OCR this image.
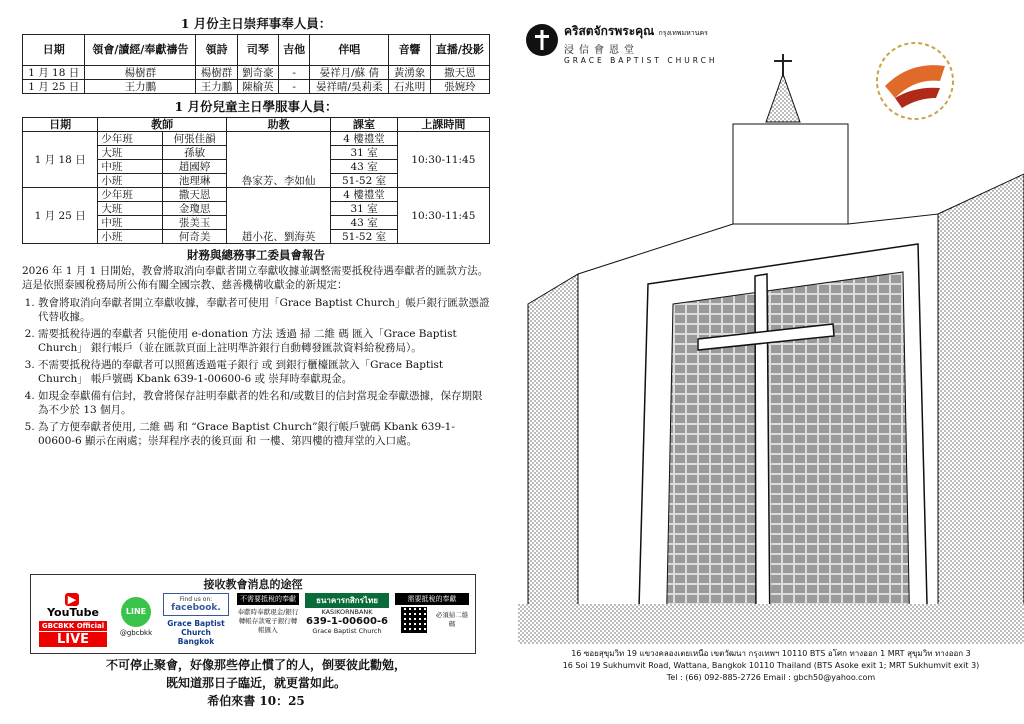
1 月份主日崇拜事奉人員：
日期	領會/讀經/奉獻禱告	領詩	司琴	吉他	伴唱	音響	直播/投影
1 月 18 日	楊樹群	楊樹群	劉奇豪	-	晏祥月/蘇 倩	黃湧象	撒天恩
1 月 25 日	王力鵬	王力鵬	陳榆英	-	晏祥晴/吳莉柔	石兆明	張婉玲
1 月份兒童主日學服事人員：
日期	教師		助教	課室	上課時間
1 月 18 日	少年班	何張佳韻	魯家芳、李如仙	4 樓禮堂	10:30-11:45
	大班	孫敏		31 室	
	中班	趙國婷		43 室	
	小班	池理琳		51-52 室	
1 月 25 日	少年班	撒天恩	趙小花、劉海英	4 樓禮堂	10:30-11:45
	大班	金瓊思		31 室	
	中班	張美玉		43 室	
	小班	何奇美		51-52 室	
財務與總務事工委員會報告

2026 年 1 月 1 日開始，教會將取消向奉獻者開立奉獻收據並調整需要抵稅待遇奉獻者的匯款方法。這是依照泰國稅務局所公佈有關全國宗教、慈善機構收獻金的新規定：

1. 教會將取消向奉獻者開立奉獻收據，奉獻者可使用「Grace Baptist Church」帳戶銀行匯款憑證代替收據。
2. 需要抵稅待遇的奉獻者 只能使用 e-donation 方法 透過 掃 二維 碼 匯入「Grace Baptist Church」 銀行帳戶（並在匯款頁面上註明準許銀行自動轉發匯款資料給稅務局）。
3. 不需要抵稅待遇的奉獻者可以照舊透過電子銀行 或 到銀行櫃檯匯款入「Grace Baptist Church」 帳戶號碼 Kbank 639-1-00600-6 或 崇拜時奉獻現金。
4. 如現金奉獻備有信封，教會將保存註明奉獻者的姓名和/或數目的信封當現金奉獻憑據，保存期限為不少於 13 個月。
5. 為了方便奉獻者使用, 二維 碼 和 “Grace Baptist Church”銀行帳戶號碼 Kbank 639-1-00600-6 顯示在兩處；崇拜程序表的後頁面 和 一樓、第四樓的禮拜堂的入口處。
接收教會消息的途徑
▶YouTube
GBCBKK Official
LIVE
LINE
@gbcbkk
Find us on:
facebook.
Grace Baptist Church Bangkok
不需要抵稅的奉獻
奉獻時奉獻現金/銀行轉帳存款電子銀行轉帳匯入
ธนาคารกสิกรไทย
KASIKORNBANK
639-1-00600-6
Grace Baptist Church
需要抵稅的奉獻
必須掃二維碼
不可停止聚會，好像那些停止慣了的人，倒要彼此勸勉，
既知道那日子臨近，就更當如此。
希伯來書 10：25
คริสตจักรพระคุณ กรุงเทพมหานคร
浸信會恩堂
GRACE BAPTIST CHURCH
16 ซอยสุขุมวิท 19 แขวงคลองเตยเหนือ เขตวัฒนา กรุงเทพฯ 10110 BTS อโศก ทางออก 1 MRT สุขุมวิท ทางออก 3
16 Soi 19 Sukhumvit Road, Wattana, Bangkok 10110 Thailand (BTS Asoke exit 1; MRT Sukhumvit exit 3)
Tel : (66) 092-885-2726 Email : gbch50@yahoo.com
